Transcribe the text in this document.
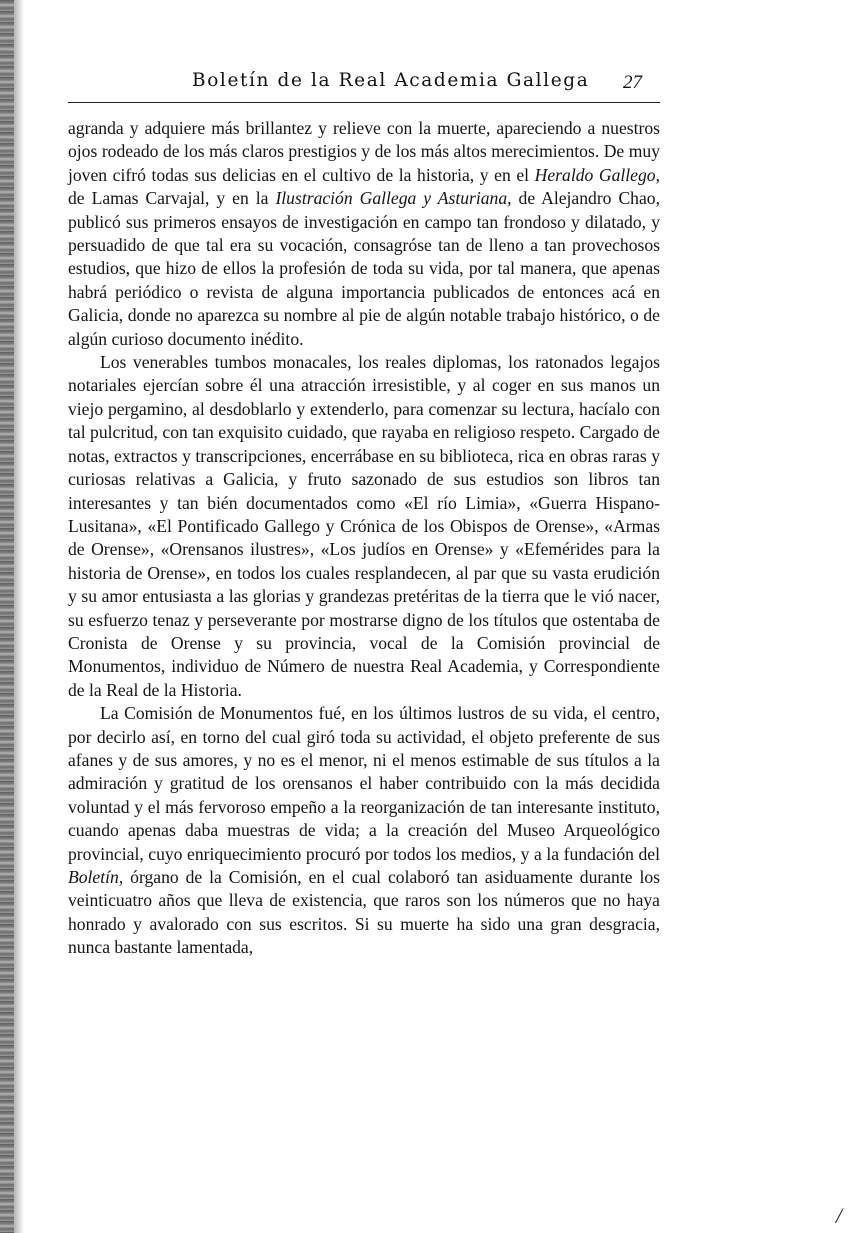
Boletín de la Real Academia Gallega 27

agranda y adquiere más brillantez y relieve con la muerte, apareciendo a nuestros ojos rodeado de los más claros prestigios y de los más altos merecimientos. De muy joven cifró todas sus delicias en el cultivo de la historia, y en el Heraldo Gallego, de Lamas Carvajal, y en la Ilustración Gallega y Asturiana, de Alejandro Chao, publicó sus primeros ensayos de investigación en campo tan frondoso y dilatado, y persuadido de que tal era su vocación, consagróse tan de lleno a tan provechosos estudios, que hizo de ellos la profesión de toda su vida, por tal manera, que apenas habrá periódico o revista de alguna importancia publicados de entonces acá en Galicia, donde no aparezca su nombre al pie de algún notable trabajo histórico, o de algún curioso documento inédito.

Los venerables tumbos monacales, los reales diplomas, los ratonados legajos notariales ejercían sobre él una atracción irresistible, y al coger en sus manos un viejo pergamino, al desdoblarlo y extenderlo, para comenzar su lectura, hacíalo con tal pulcritud, con tan exquisito cuidado, que rayaba en religioso respeto. Cargado de notas, extractos y transcripciones, encerrábase en su biblioteca, rica en obras raras y curiosas relativas a Galicia, y fruto sazonado de sus estudios son libros tan interesantes y tan bién documentados como «El río Limia», «Guerra Hispano-Lusitana», «El Pontificado Gallego y Crónica de los Obispos de Orense», «Armas de Orense», «Orensanos ilustres», «Los judíos en Orense» y «Efemérides para la historia de Orense», en todos los cuales resplandecen, al par que su vasta erudición y su amor entusiasta a las glorias y grandezas pretéritas de la tierra que le vió nacer, su esfuerzo tenaz y perseverante por mostrarse digno de los títulos que ostentaba de Cronista de Orense y su provincia, vocal de la Comisión provincial de Monumentos, individuo de Número de nuestra Real Academia, y Correspondiente de la Real de la Historia.

La Comisión de Monumentos fué, en los últimos lustros de su vida, el centro, por decirlo así, en torno del cual giró toda su actividad, el objeto preferente de sus afanes y de sus amores, y no es el menor, ni el menos estimable de sus títulos a la admiración y gratitud de los orensanos el haber contribuido con la más decidida voluntad y el más fervoroso empeño a la reorganización de tan interesante instituto, cuando apenas daba muestras de vida; a la creación del Museo Arqueológico provincial, cuyo enriquecimiento procuró por todos los medios, y a la fundación del Boletín, órgano de la Comisión, en el cual colaboró tan asiduamente durante los veinticuatro años que lleva de existencia, que raros son los números que no haya honrado y avalorado con sus escritos. Si su muerte ha sido una gran desgracia, nunca bastante lamentada,

/
